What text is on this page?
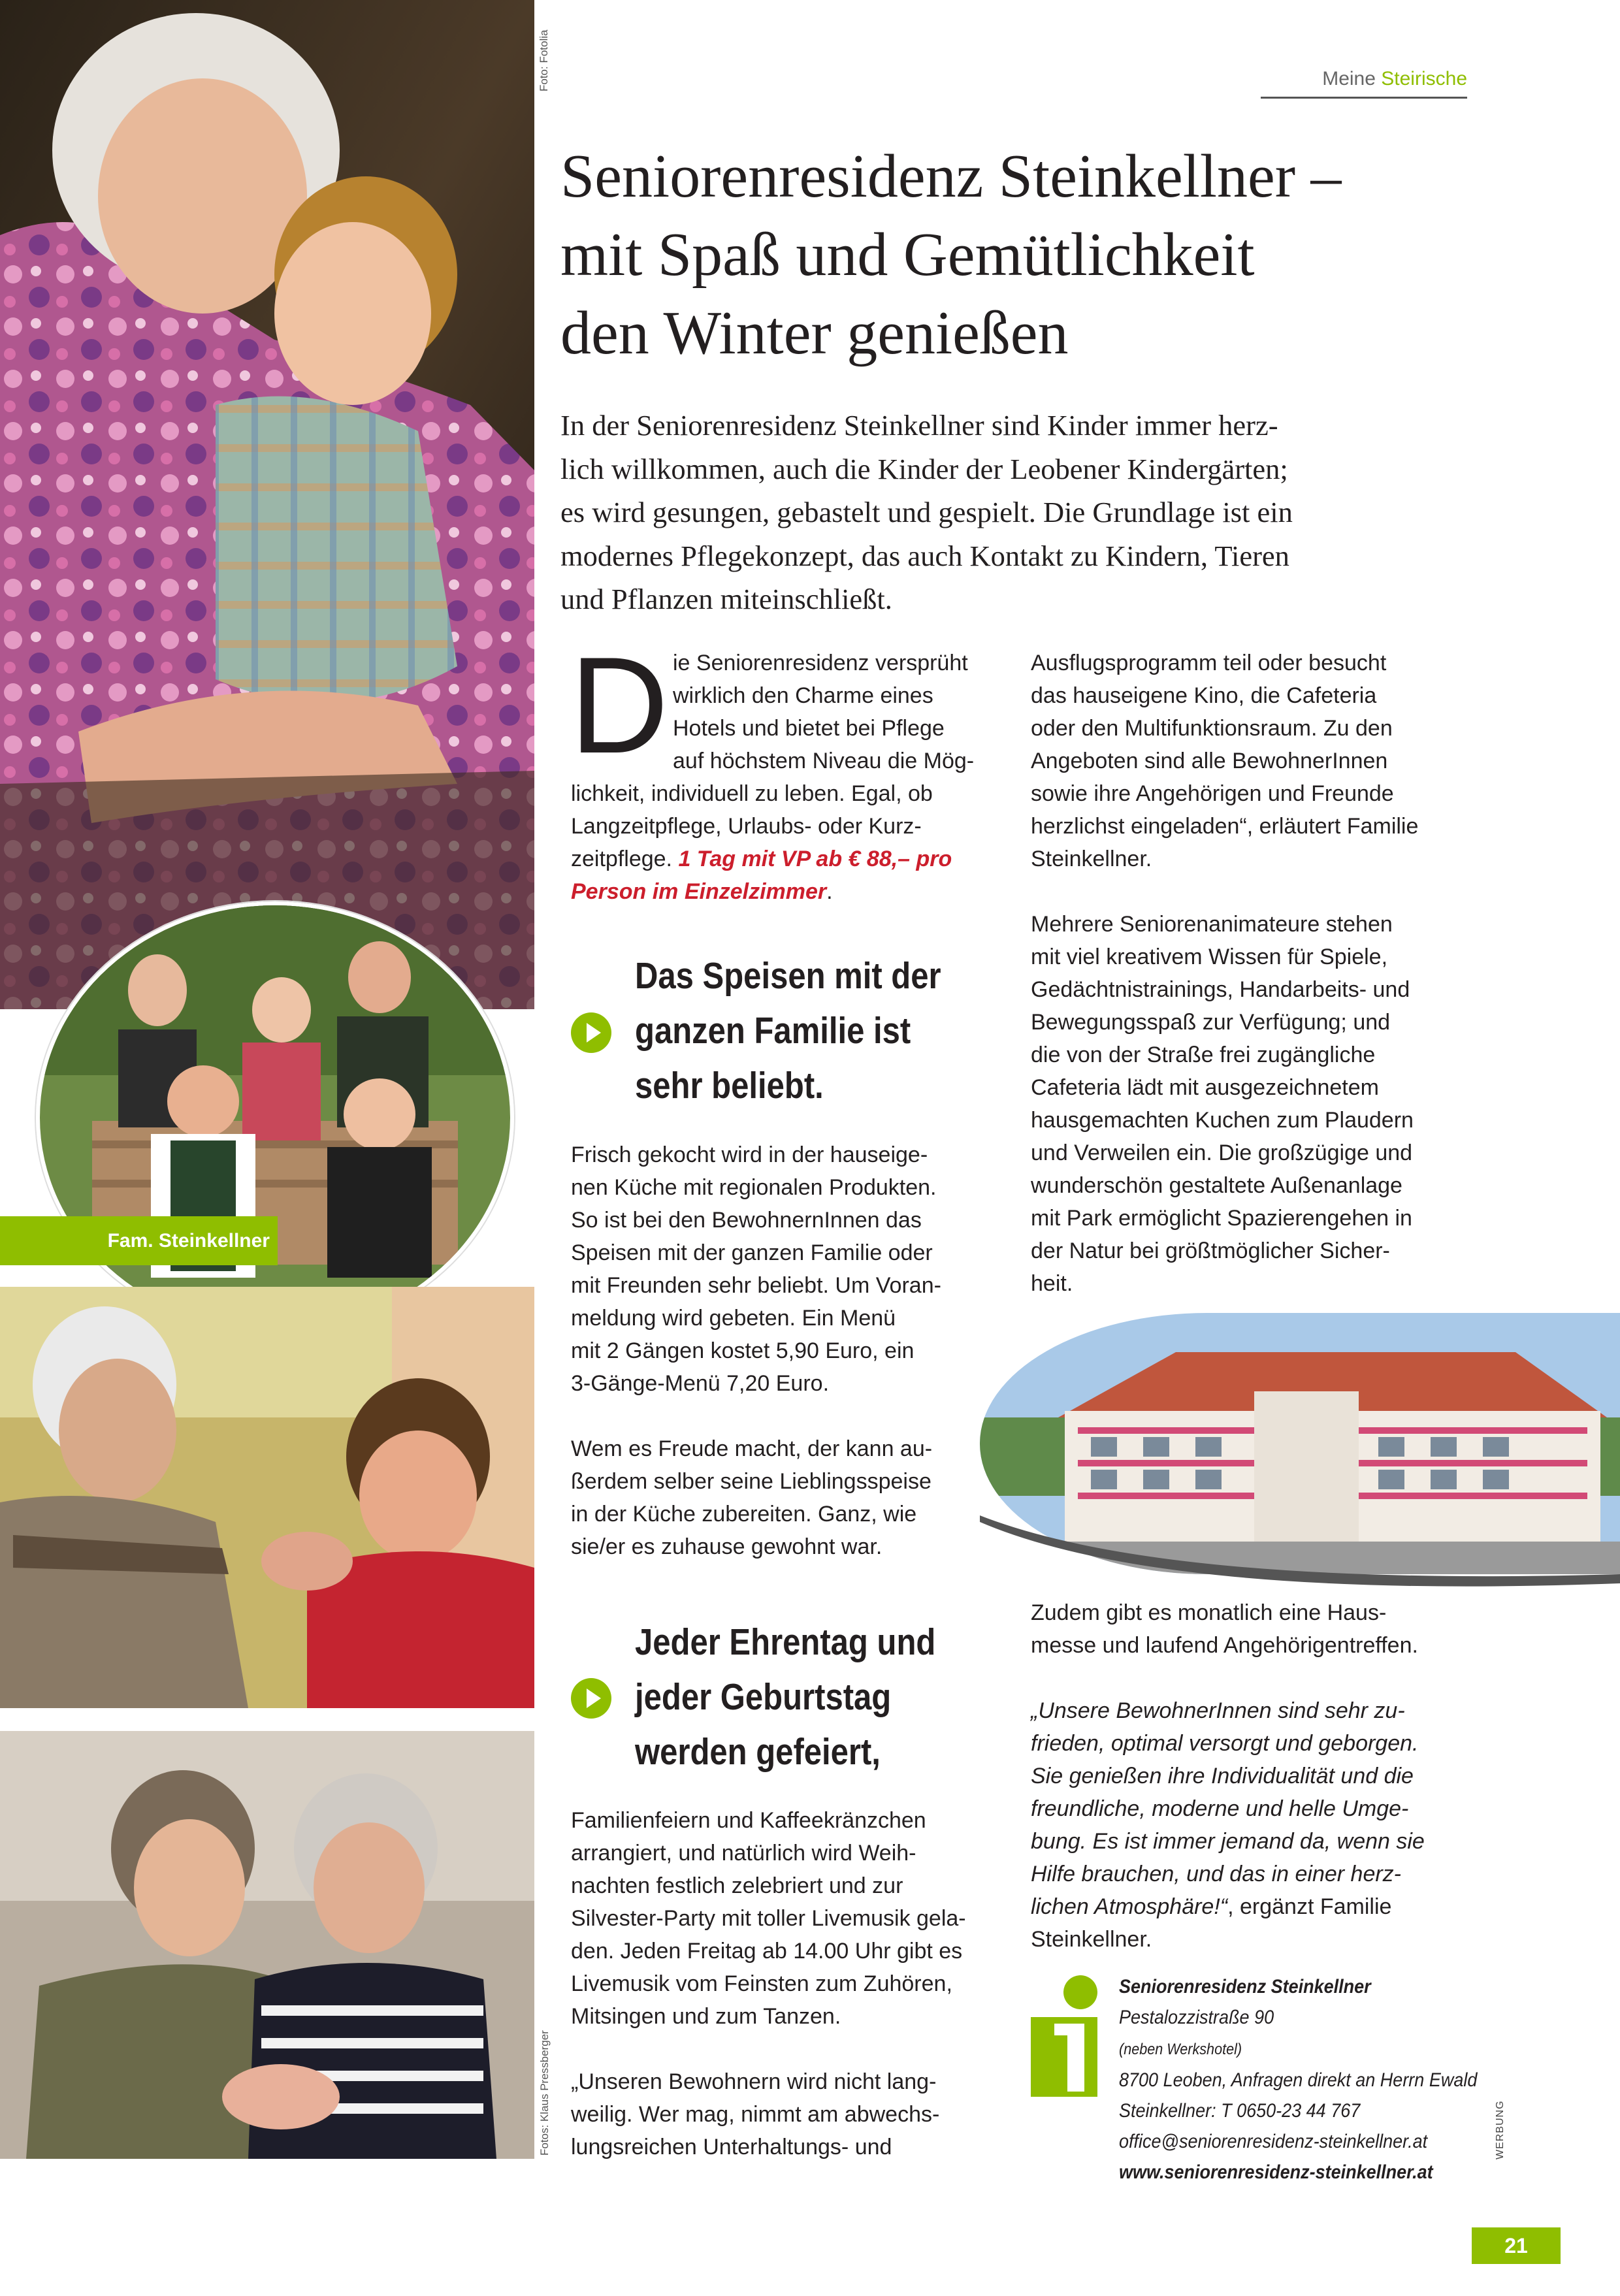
Foto: Fotolia
Fam. Steinkellner
Fotos: Klaus Pressberger
Meine Steirische
Seniorenresidenz Steinkellner –
mit Spaß und Gemütlichkeit
den Winter genießen

In der Seniorenresidenz Steinkellner sind Kinder immer herz-
lich willkommen, auch die Kinder der Leobener Kindergärten;
es wird gesungen, gebastelt und gespielt. Die Grundlage ist ein
modernes Pflegekonzept, das auch Kontakt zu Kindern, Tieren
und Pflanzen miteinschließt.

D ie Seniorenresidenz versprüht
wirklich den Charme eines
Hotels und bietet bei Pflege
auf höchstem Niveau die Mög-
lichkeit, individuell zu leben. Egal, ob
Langzeitpflege, Urlaubs- oder Kurz-
zeitpflege. 1 Tag mit VP ab € 88,– pro
Person im Einzelzimmer.
Das Speisen mit der
ganzen Familie ist
sehr beliebt.
Frisch gekocht wird in der hauseige-
nen Küche mit regionalen Produkten.
So ist bei den BewohnernInnen das
Speisen mit der ganzen Familie oder
mit Freunden sehr beliebt. Um Voran-
meldung wird gebeten. Ein Menü
mit 2 Gängen kostet 5,90 Euro, ein
3-Gänge-Menü 7,20 Euro.
Wem es Freude macht, der kann au-
ßerdem selber seine Lieblingsspeise
in der Küche zubereiten. Ganz, wie
sie/er es zuhause gewohnt war.
Jeder Ehrentag und
jeder Geburtstag
werden gefeiert,
Familienfeiern und Kaffeekränzchen
arrangiert, und natürlich wird Weih-
nachten festlich zelebriert und zur
Silvester-Party mit toller Livemusik gela-
den. Jeden Freitag ab 14.00 Uhr gibt es
Livemusik vom Feinsten zum Zuhören,
Mitsingen und zum Tanzen.
„Unseren Bewohnern wird nicht lang-
weilig. Wer mag, nimmt am abwechs-
lungsreichen Unterhaltungs- und
Ausflugsprogramm teil oder besucht
das hauseigene Kino, die Cafeteria
oder den Multifunktionsraum. Zu den
Angeboten sind alle BewohnerInnen
sowie ihre Angehörigen und Freunde
herzlichst eingeladen“, erläutert Familie
Steinkellner.
Mehrere Seniorenanimateure stehen
mit viel kreativem Wissen für Spiele,
Gedächtnistrainings, Handarbeits- und
Bewegungsspaß zur Verfügung; und
die von der Straße frei zugängliche
Cafeteria lädt mit ausgezeichnetem
hausgemachten Kuchen zum Plaudern
und Verweilen ein. Die großzügige und
wunderschön gestaltete Außenanlage
mit Park ermöglicht Spazierengehen in
der Natur bei größtmöglicher Sicher-
heit.
Zudem gibt es monatlich eine Haus-
messe und laufend Angehörigentreffen.
„Unsere BewohnerInnen sind sehr zu-
frieden, optimal versorgt und geborgen.
Sie genießen ihre Individualität und die
freundliche, moderne und helle Umge-
bung. Es ist immer jemand da, wenn sie
Hilfe brauchen, und das in einer herz-
lichen Atmosphäre!“, ergänzt Familie
Steinkellner.
Seniorenresidenz Steinkellner
Pestalozzistraße 90
(neben Werkshotel)
8700 Leoben, Anfragen direkt an Herrn Ewald
Steinkellner: T 0650-23 44 767
office@seniorenresidenz-steinkellner.at
www.seniorenresidenz-steinkellner.at
WERBUNG
21
